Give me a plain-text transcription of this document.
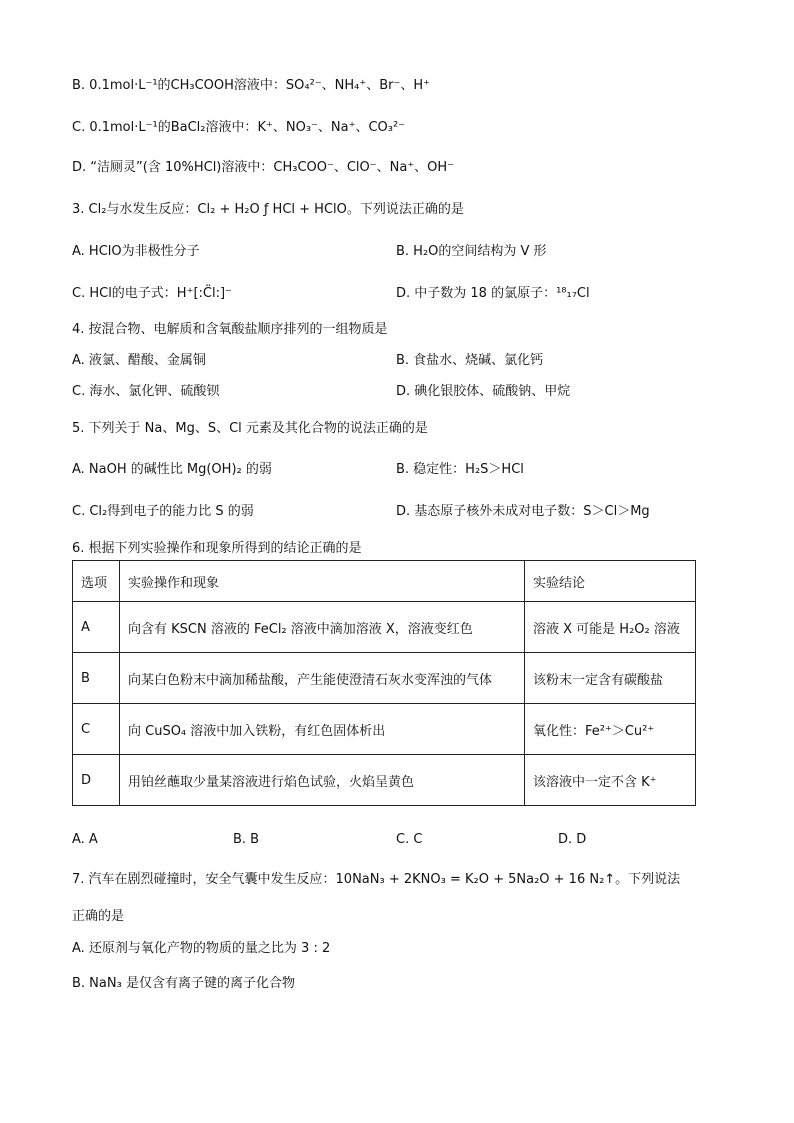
B. 0.1mol·L⁻¹的CH₃COOH溶液中：SO₄²⁻、NH₄⁺、Br⁻、H⁺
C. 0.1mol·L⁻¹的BaCl₂溶液中：K⁺、NO₃⁻、Na⁺、CO₃²⁻
D. “洁厕灵”(含 10%HCl)溶液中：CH₃COO⁻、ClO⁻、Na⁺、OH⁻
3. Cl₂与水发生反应：Cl₂ + H₂O ƒ HCl + HClO。下列说法正确的是
A. HClO为非极性分子	B. H₂O的空间结构为 V 形
C. HCl的电子式：H⁺[:C̈l:]⁻	D. 中子数为 18 的氯原子：¹⁸₁₇Cl
4. 按混合物、电解质和含氧酸盐顺序排列的一组物质是
A. 液氯、醋酸、金属铜	B. 食盐水、烧碱、氯化钙
C. 海水、氯化钾、硫酸钡	D. 碘化银胶体、硫酸钠、甲烷
5. 下列关于 Na、Mg、S、Cl 元素及其化合物的说法正确的是
A. NaOH 的碱性比 Mg(OH)₂ 的弱	B. 稳定性：H₂S＞HCl
C. Cl₂得到电子的能力比 S 的弱	D. 基态原子核外未成对电子数：S＞Cl＞Mg
6. 根据下列实验操作和现象所得到的结论正确的是
选项	实验操作和现象	实验结论
A	向含有 KSCN 溶液的 FeCl₂ 溶液中滴加溶液 X，溶液变红色	溶液 X 可能是 H₂O₂ 溶液
B	向某白色粉末中滴加稀盐酸，产生能使澄清石灰水变浑浊的气体	该粉末一定含有碳酸盐
C	向 CuSO₄ 溶液中加入铁粉，有红色固体析出	氧化性：Fe²⁺＞Cu²⁺
D	用铂丝蘸取少量某溶液进行焰色试验，火焰呈黄色	该溶液中一定不含 K⁺
A. A	B. B	C. C	D. D
7. 汽车在剧烈碰撞时，安全气囊中发生反应：10NaN₃ + 2KNO₃ = K₂O + 5Na₂O + 16 N₂↑。下列说法
正确的是
A. 还原剂与氧化产物的物质的量之比为 3 : 2
B. NaN₃ 是仅含有离子键的离子化合物
